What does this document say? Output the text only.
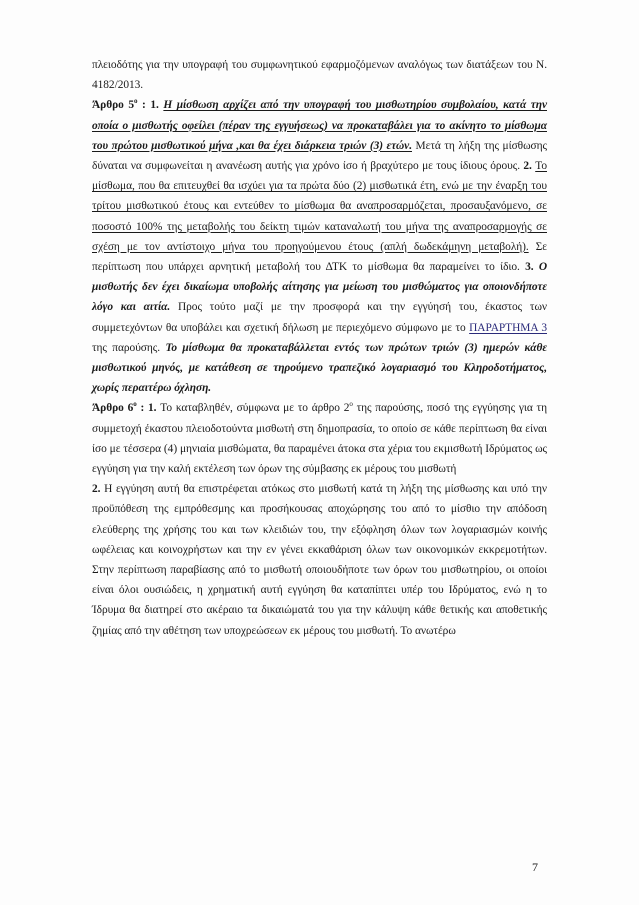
πλειοδότης για την υπογραφή του συμφωνητικού εφαρμοζόμενων αναλόγως των διατάξεων του Ν. 4182/2013.

Άρθρο $5^o$ : 1. Η μίσθωση αρχίζει από την υπογραφή του μισθωτηρίου συμβολαίου, κατά την οποία ο μισθωτής οφείλει (πέραν της εγγυήσεως) να προκαταβάλει για το ακίνητο το μίσθωμα του πρώτου μισθωτικού μήνα ,και θα έχει διάρκεια τριών (3) ετών. Μετά τη λήξη της μίσθωσης δύναται να συμφωνείται η ανανέωση αυτής για χρόνο ίσο ή βραχύτερο με τους ίδιους όρους. 2. Το μίσθωμα, που θα επιτευχθεί θα ισχύει για τα πρώτα δύο (2) μισθωτικά έτη, ενώ με την έναρξη του τρίτου μισθωτικού έτους και εντεύθεν το μίσθωμα θα αναπροσαρμόζεται, προσαυξανόμενο, σε ποσοστό 100% της μεταβολής του δείκτη τιμών καταναλωτή του μήνα της αναπροσαρμογής σε σχέση με τον αντίστοιχο μήνα του προηγούμενου έτους (απλή δωδεκάμηνη μεταβολή). Σε περίπτωση που υπάρχει αρνητική μεταβολή του ΔΤΚ το μίσθωμα θα παραμείνει το ίδιο. 3. Ο μισθωτής δεν έχει δικαίωμα υποβολής αίτησης για μείωση του μισθώματος για οποιονδήποτε λόγο και αιτία. Προς τούτο μαζί με την προσφορά και την εγγύησή του, έκαστος των συμμετεχόντων θα υποβάλει και σχετική δήλωση με περιεχόμενο σύμφωνο με το ΠΑΡΑΡΤΗΜΑ 3 της παρούσης. Το μίσθωμα θα προκαταβάλλεται εντός των πρώτων τριών (3) ημερών κάθε μισθωτικού μηνός, με κατάθεση σε τηρούμενο τραπεζικό λογαριασμό του Κληροδοτήματος, χωρίς περαιτέρω όχληση.

Άρθρο $6^o$ : 1. Το καταβληθέν, σύμφωνα με το άρθρο $2^o$ της παρούσης, ποσό της εγγύησης για τη συμμετοχή έκαστου πλειοδοτούντα μισθωτή στη δημοπρασία, το οποίο σε κάθε περίπτωση θα είναι ίσο με τέσσερα (4) μηνιαία μισθώματα, θα παραμένει άτοκα στα χέρια του εκμισθωτή Ιδρύματος ως εγγύηση για την καλή εκτέλεση των όρων της σύμβασης εκ μέρους του μισθωτή

2. Η εγγύηση αυτή θα επιστρέφεται ατόκως στο μισθωτή κατά τη λήξη της μίσθωσης και υπό την προϋπόθεση της εμπρόθεσμης και προσήκουσας αποχώρησης του από το μίσθιο την απόδοση ελεύθερης της χρήσης του και των κλειδιών του, την εξόφληση όλων των λογαριασμών κοινής ωφέλειας και κοινοχρήστων και την εν γένει εκκαθάριση όλων των οικονομικών εκκρεμοτήτων. Στην περίπτωση παραβίασης από το μισθωτή οποιουδήποτε των όρων του μισθωτηρίου, οι οποίοι είναι όλοι ουσιώδεις, η χρηματική αυτή εγγύηση θα καταπίπτει υπέρ του Ιδρύματος, ενώ η το Ίδρυμα θα διατηρεί στο ακέραιο τα δικαιώματά του για την κάλυψη κάθε θετικής και αποθετικής ζημίας από την αθέτηση των υποχρεώσεων εκ μέρους του μισθωτή. Το ανωτέρω

7
